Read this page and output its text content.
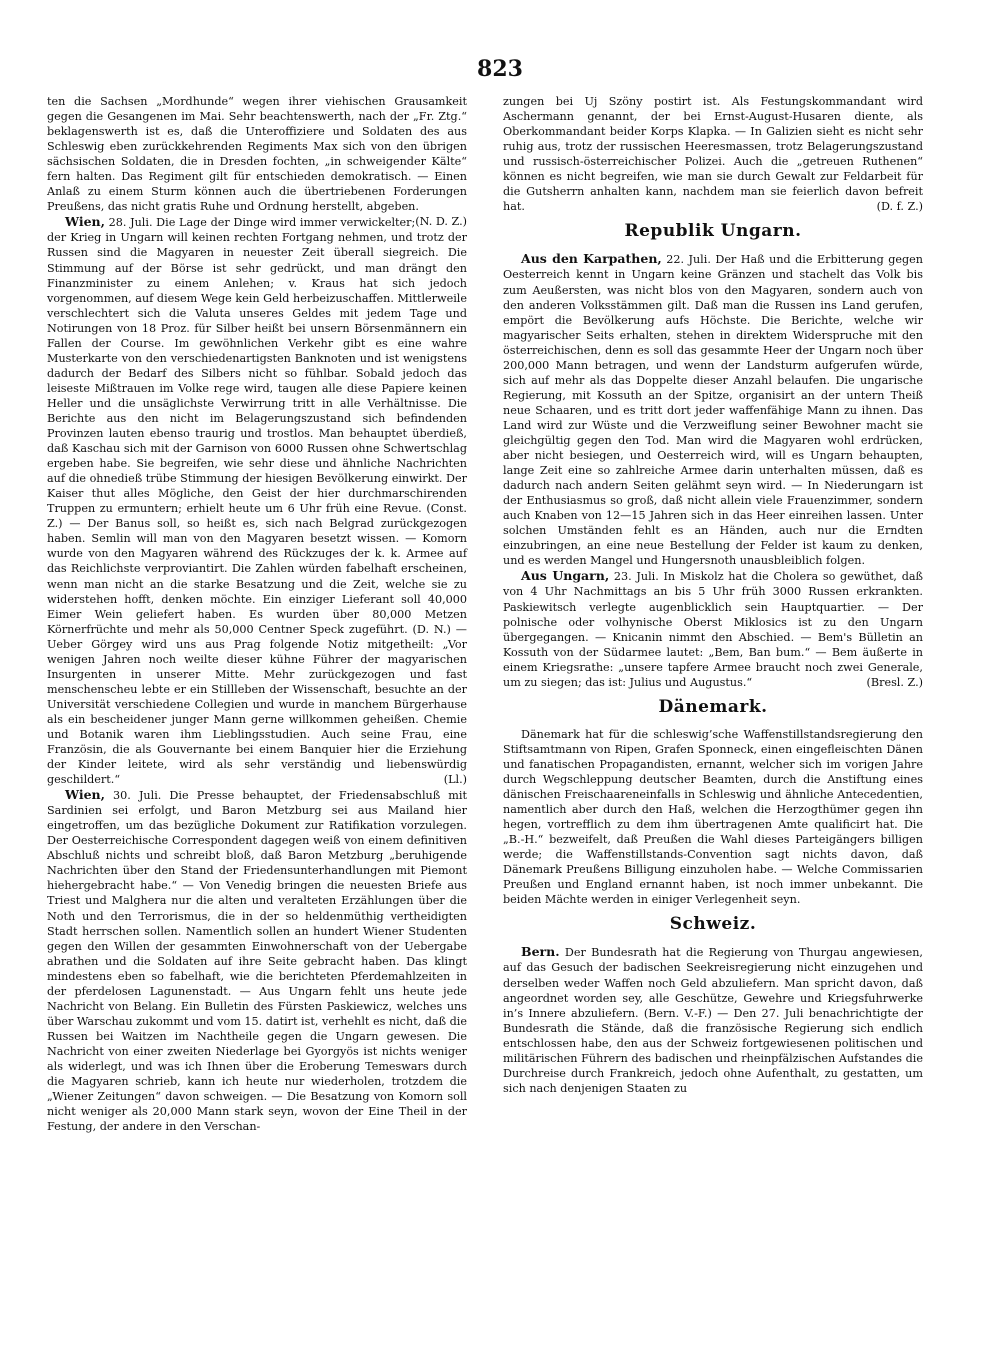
823

ten die Sachsen „Mordhunde“ wegen ihrer viehischen Grausamkeit gegen die Gesangenen im Mai. Sehr beachtenswerth, nach der „Fr. Ztg.“ beklagenswerth ist es, daß die Unteroffiziere und Soldaten des aus Schleswig eben zurückkehrenden Regiments Max sich von den übrigen sächsischen Soldaten, die in Dresden fochten, „in schweigender Kälte“ fern halten. Das Regiment gilt für entschieden demokratisch. — Einen Anlaß zu einem Sturm können auch die übertriebenen Forderungen Preußens, das nicht gratis Ruhe und Ordnung herstellt, abgeben.
(N. D. Z.)

Wien, 28. Juli. Die Lage der Dinge wird immer verwickelter; der Krieg in Ungarn will keinen rechten Fortgang nehmen, und trotz der Russen sind die Magyaren in neuester Zeit überall siegreich. Die Stimmung auf der Börse ist sehr gedrückt, und man drängt den Finanzminister zu einem Anlehen; v. Kraus hat sich jedoch vorgenommen, auf diesem Wege kein Geld herbeizuschaffen. Mittlerweile verschlechtert sich die Valuta unseres Geldes mit jedem Tage und Notirungen von 18 Proz. für Silber heißt bei unsern Börsenmännern ein Fallen der Course. Im gewöhnlichen Verkehr gibt es eine wahre Musterkarte von den verschiedenartigsten Banknoten und ist wenigstens dadurch der Bedarf des Silbers nicht so fühlbar. Sobald jedoch das leiseste Mißtrauen im Volke rege wird, taugen alle diese Papiere keinen Heller und die unsäglichste Verwirrung tritt in alle Verhältnisse. Die Berichte aus den nicht im Belagerungszustand sich befindenden Provinzen lauten ebenso traurig und trostlos. Man behauptet überdieß, daß Kaschau sich mit der Garnison von 6000 Russen ohne Schwertschlag ergeben habe. Sie begreifen, wie sehr diese und ähnliche Nachrichten auf die ohnedieß trübe Stimmung der hiesigen Bevölkerung einwirkt. Der Kaiser thut alles Mögliche, den Geist der hier durchmarschirenden Truppen zu ermuntern; erhielt heute um 6 Uhr früh eine Revue. (Const. Z.) — Der Banus soll, so heißt es, sich nach Belgrad zurückgezogen haben. Semlin will man von den Magyaren besetzt wissen. — Komorn wurde von den Magyaren während des Rückzuges der k. k. Armee auf das Reichlichste verproviantirt. Die Zahlen würden fabelhaft erscheinen, wenn man nicht an die starke Besatzung und die Zeit, welche sie zu widerstehen hofft, denken möchte. Ein einziger Lieferant soll 40,000 Eimer Wein geliefert haben. Es wurden über 80,000 Metzen Körnerfrüchte und mehr als 50,000 Centner Speck zugeführt. (D. N.) — Ueber Görgey wird uns aus Prag folgende Notiz mitgetheilt: „Vor wenigen Jahren noch weilte dieser kühne Führer der magyarischen Insurgenten in unserer Mitte. Mehr zurückgezogen und fast menschenscheu lebte er ein Stillleben der Wissenschaft, besuchte an der Universität verschiedene Collegien und wurde in manchem Bürgerhause als ein bescheidener junger Mann gerne willkommen geheißen. Chemie und Botanik waren ihm Lieblingsstudien. Auch seine Frau, eine Französin, die als Gouvernante bei einem Banquier hier die Erziehung der Kinder leitete, wird als sehr verständig und liebenswürdig geschildert.“	(Ll.)

Wien, 30. Juli. Die Presse behauptet, der Friedensabschluß mit Sardinien sei erfolgt, und Baron Metzburg sei aus Mailand hier eingetroffen, um das bezügliche Dokument zur Ratifikation vorzulegen. Der Oesterreichische Correspondent dagegen weiß von einem definitiven Abschluß nichts und schreibt bloß, daß Baron Metzburg „beruhigende Nachrichten über den Stand der Friedensunterhandlungen mit Piemont hiehergebracht habe.“ — Von Venedig bringen die neuesten Briefe aus Triest und Malghera nur die alten und veralteten Erzählungen über die Noth und den Terrorismus, die in der so heldenmüthig vertheidigten Stadt herrschen sollen. Namentlich sollen an hundert Wiener Studenten gegen den Willen der gesammten Einwohnerschaft von der Uebergabe abrathen und die Soldaten auf ihre Seite gebracht haben. Das klingt mindestens eben so fabelhaft, wie die berichteten Pferdemahlzeiten in der pferdelosen Lagunenstadt. — Aus Ungarn fehlt uns heute jede Nachricht von Belang. Ein Bulletin des Fürsten Paskiewicz, welches uns über Warschau zukommt und vom 15. datirt ist, verhehlt es nicht, daß die Russen bei Waitzen im Nachtheile gegen die Ungarn gewesen. Die Nachricht von einer zweiten Niederlage bei Gyorgyös ist nichts weniger als widerlegt, und was ich Ihnen über die Eroberung Temeswars durch die Magyaren schrieb, kann ich heute nur wiederholen, trotzdem die „Wiener Zeitungen“ davon schweigen. — Die Besatzung von Komorn soll nicht weniger als 20,000 Mann stark seyn, wovon der Eine Theil in der Festung, der andere in den Verschan-

zungen bei Uj Szöny postirt ist. Als Festungskommandant wird Aschermann genannt, der bei Ernst-August-Husaren diente, als Oberkommandant beider Korps Klapka. — In Galizien sieht es nicht sehr ruhig aus, trotz der russischen Heeresmassen, trotz Belagerungszustand und russisch-österreichischer Polizei. Auch die „getreuen Ruthenen“ können es nicht begreifen, wie man sie durch Gewalt zur Feldarbeit für die Gutsherrn anhalten kann, nachdem man sie feierlich davon befreit hat.	(D. f. Z.)

Republik Ungarn.

Aus den Karpathen, 22. Juli. Der Haß und die Erbitterung gegen Oesterreich kennt in Ungarn keine Gränzen und stachelt das Volk bis zum Aeußersten, was nicht blos von den Magyaren, sondern auch von den anderen Volksstämmen gilt. Daß man die Russen ins Land gerufen, empört die Bevölkerung aufs Höchste. Die Berichte, welche wir magyarischer Seits erhalten, stehen in direktem Widerspruche mit den österreichischen, denn es soll das gesammte Heer der Ungarn noch über 200,000 Mann betragen, und wenn der Landsturm aufgerufen würde, sich auf mehr als das Doppelte dieser Anzahl belaufen. Die ungarische Regierung, mit Kossuth an der Spitze, organisirt an der untern Theiß neue Schaaren, und es tritt dort jeder waffenfähige Mann zu ihnen. Das Land wird zur Wüste und die Verzweiflung seiner Bewohner macht sie gleichgültig gegen den Tod. Man wird die Magyaren wohl erdrücken, aber nicht besiegen, und Oesterreich wird, will es Ungarn behaupten, lange Zeit eine so zahlreiche Armee darin unterhalten müssen, daß es dadurch nach andern Seiten gelähmt seyn wird. — In Niederungarn ist der Enthusiasmus so groß, daß nicht allein viele Frauenzimmer, sondern auch Knaben von 12—15 Jahren sich in das Heer einreihen lassen. Unter solchen Umständen fehlt es an Händen, auch nur die Erndten einzubringen, an eine neue Bestellung der Felder ist kaum zu denken, und es werden Mangel und Hungersnoth unausbleiblich folgen.

Aus Ungarn, 23. Juli. In Miskolz hat die Cholera so gewüthet, daß von 4 Uhr Nachmittags an bis 5 Uhr früh 3000 Russen erkrankten. Paskiewitsch verlegte augenblicklich sein Hauptquartier. — Der polnische oder volhynische Oberst Miklosics ist zu den Ungarn übergegangen. — Knicanin nimmt den Abschied. — Bem's Bülletin an Kossuth von der Südarmee lautet: „Bem, Ban bum.“ — Bem äußerte in einem Kriegsrathe: „unsere tapfere Armee braucht noch zwei Generale, um zu siegen; das ist: Julius und Augustus.“	(Bresl. Z.)

Dänemark.

Dänemark hat für die schleswig’sche Waffenstillstandsregierung den Stiftsamtmann von Ripen, Grafen Sponneck, einen eingefleischten Dänen und fanatischen Propagandisten, ernannt, welcher sich im vorigen Jahre durch Wegschleppung deutscher Beamten, durch die Anstiftung eines dänischen Freischaareneinfalls in Schleswig und ähnliche Antecedentien, namentlich aber durch den Haß, welchen die Herzogthümer gegen ihn hegen, vortrefflich zu dem ihm übertragenen Amte qualificirt hat. Die „B.-H.“ bezweifelt, daß Preußen die Wahl dieses Parteigängers billigen werde; die Waffenstillstands-Convention sagt nichts davon, daß Dänemark Preußens Billigung einzuholen habe. — Welche Commissarien Preußen und England ernannt haben, ist noch immer unbekannt. Die beiden Mächte werden in einiger Verlegenheit seyn.

Schweiz.

Bern. Der Bundesrath hat die Regierung von Thurgau angewiesen, auf das Gesuch der badischen Seekreisregierung nicht einzugehen und derselben weder Waffen noch Geld abzuliefern. Man spricht davon, daß angeordnet worden sey, alle Geschütze, Gewehre und Kriegsfuhrwerke in’s Innere abzuliefern. (Bern. V.-F.) — Den 27. Juli benachrichtigte der Bundesrath die Stände, daß die französische Regierung sich endlich entschlossen habe, den aus der Schweiz fortgewiesenen politischen und militärischen Führern des badischen und rheinpfälzischen Aufstandes die Durchreise durch Frankreich, jedoch ohne Aufenthalt, zu gestatten, um sich nach denjenigen Staaten zu
